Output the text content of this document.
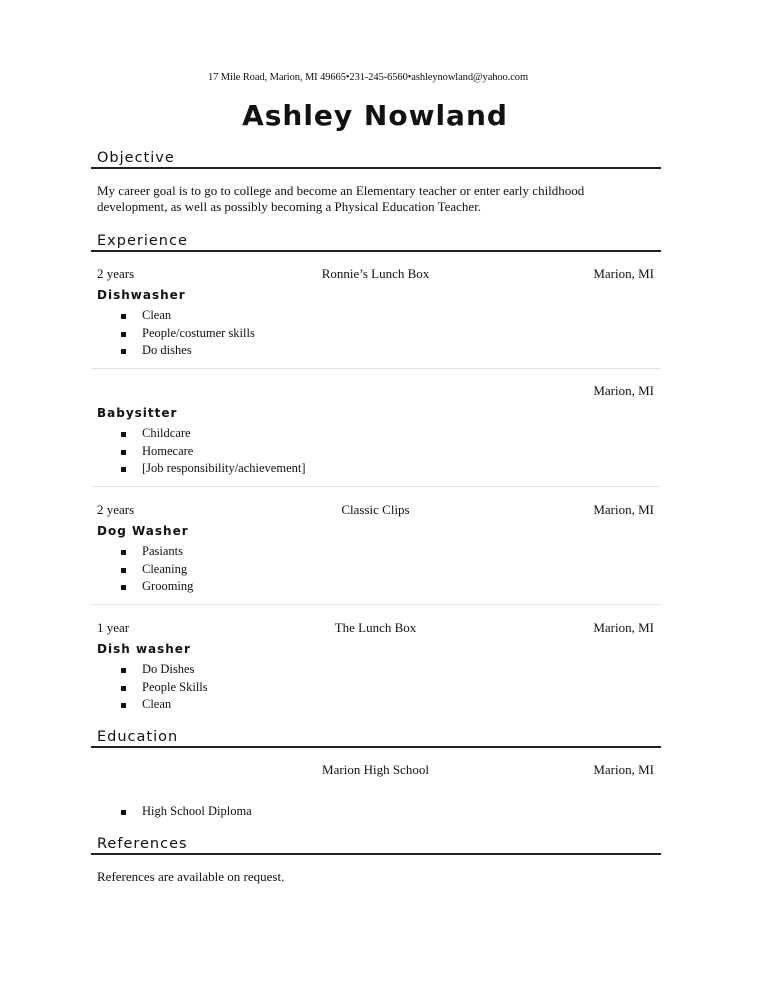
17 Mile Road, Marion, MI 49665•231-245-6560•ashleynowland@yahoo.com
Ashley Nowland
Objective
My career goal is to go to college and become an Elementary teacher or enter early childhood development, as well as possibly becoming a Physical Education Teacher.
Experience
2 years	Ronnie’s Lunch Box	Marion, MI
Dishwasher
Clean
People/costumer skills
Do dishes
Marion, MI
Babysitter
Childcare
Homecare
[Job responsibility/achievement]
2 years	Classic Clips	Marion, MI
Dog Washer
Pasiants
Cleaning
Grooming
1 year	The Lunch Box	Marion, MI
Dish washer
Do Dishes
People Skills
Clean
Education
Marion High School	Marion, MI
High School Diploma
References
References are available on request.
